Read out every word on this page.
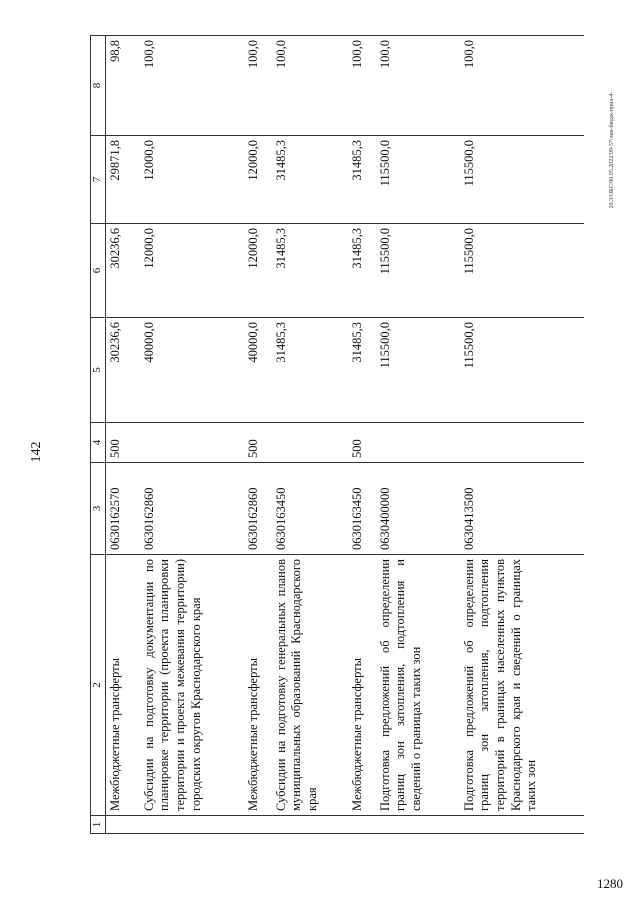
142
20.3/ОБС/90.05.2022/09-57/лен-бюдж-прил-4-
1280
1	2	3	4	5	6	7	8
	Межбюджетные трансферты	0630162570	500	30236,6	30236,6	29871,8	98,8
	Субсидии на подготовку документации по планировке территории (проекта планировки территории и проекта межевания территории) городских округов Краснодарского края	0630162860		40000,0	12000,0	12000,0	100,0
	Межбюджетные трансферты	0630162860	500	40000,0	12000,0	12000,0	100,0
	Субсидии на подготовку генеральных планов муниципальных образований Краснодарского края	0630163450		31485,3	31485,3	31485,3	100,0
	Межбюджетные трансферты	0630163450	500	31485,3	31485,3	31485,3	100,0
	Подготовка предложений об определении границ зон затопления, подтопления и сведений о границах таких зон	0630400000		115500,0	115500,0	115500,0	100,0
	Подготовка предложений об определении границ зон затопления, подтопления территорий в границах населенных пунктов Краснодарского края и сведений о границах таких зон	0630413500		115500,0	115500,0	115500,0	100,0
